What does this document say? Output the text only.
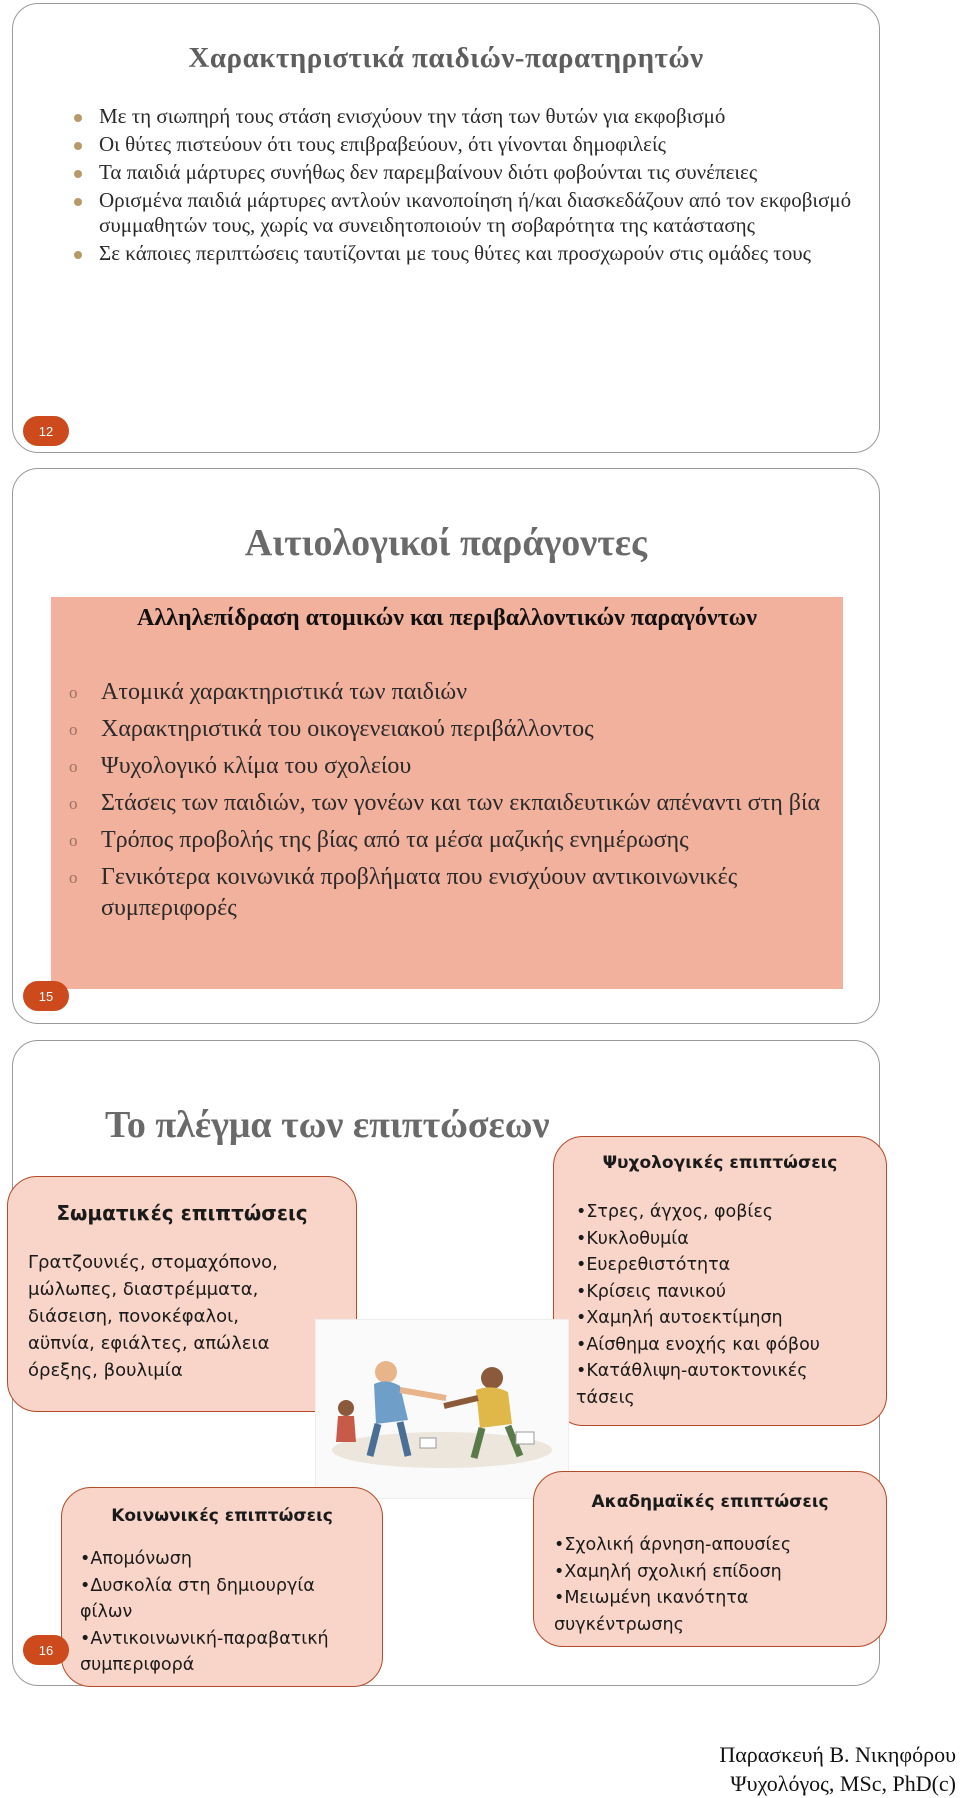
Χαρακτηριστικά παιδιών-παρατηρητών
Με τη σιωπηρή τους στάση ενισχύουν την τάση των θυτών για εκφοβισμό
Οι θύτες πιστεύουν ότι τους επιβραβεύουν, ότι γίνονται δημοφιλείς
Τα παιδιά μάρτυρες συνήθως δεν παρεμβαίνουν διότι φοβούνται τις συνέπειες
Ορισμένα παιδιά μάρτυρες αντλούν ικανοποίηση ή/και διασκεδάζουν από τον εκφοβισμό συμμαθητών τους, χωρίς να συνειδητοποιούν τη σοβαρότητα της κατάστασης
Σε κάποιες περιπτώσεις ταυτίζονται με τους θύτες και προσχωρούν στις ομάδες τους
12
Αιτιολογικοί παράγοντες
Αλληλεπίδραση ατομικών και περιβαλλοντικών παραγόντων
o Ατομικά χαρακτηριστικά των παιδιών
o Χαρακτηριστικά του οικογενειακού περιβάλλοντος
o Ψυχολογικό κλίμα του σχολείου
o Στάσεις των παιδιών, των γονέων και των εκπαιδευτικών απέναντι στη βία
o Τρόπος προβολής της βίας από τα μέσα μαζικής ενημέρωσης
o Γενικότερα κοινωνικά προβλήματα που ενισχύουν αντικοινωνικές συμπεριφορές
15
Το πλέγμα των επιπτώσεων
Σωματικές επιπτώσεις
Γρατζουνιές, στομαχόπονο,
μώλωπες, διαστρέμματα,
διάσειση, πονοκέφαλοι,
αϋπνία, εφιάλτες, απώλεια
όρεξης, βουλιμία
Ψυχολογικές επιπτώσεις
•Στρες, άγχος, φοβίες
•Κυκλοθυμία
•Ευερεθιστότητα
•Κρίσεις πανικού
•Χαμηλή αυτοεκτίμηση
•Αίσθημα ενοχής και φόβου
•Κατάθλιψη-αυτοκτονικές
τάσεις
Κοινωνικές επιπτώσεις
•Απομόνωση
•Δυσκολία στη δημιουργία
φίλων
•Αντικοινωνική-παραβατική
συμπεριφορά
Ακαδημαϊκές επιπτώσεις
•Σχολική άρνηση-απουσίες
•Χαμηλή σχολική επίδοση
•Μειωμένη ικανότητα
συγκέντρωσης
16
Παρασκευή Β. Νικηφόρου
Ψυχολόγος, MSc, PhD(c)
